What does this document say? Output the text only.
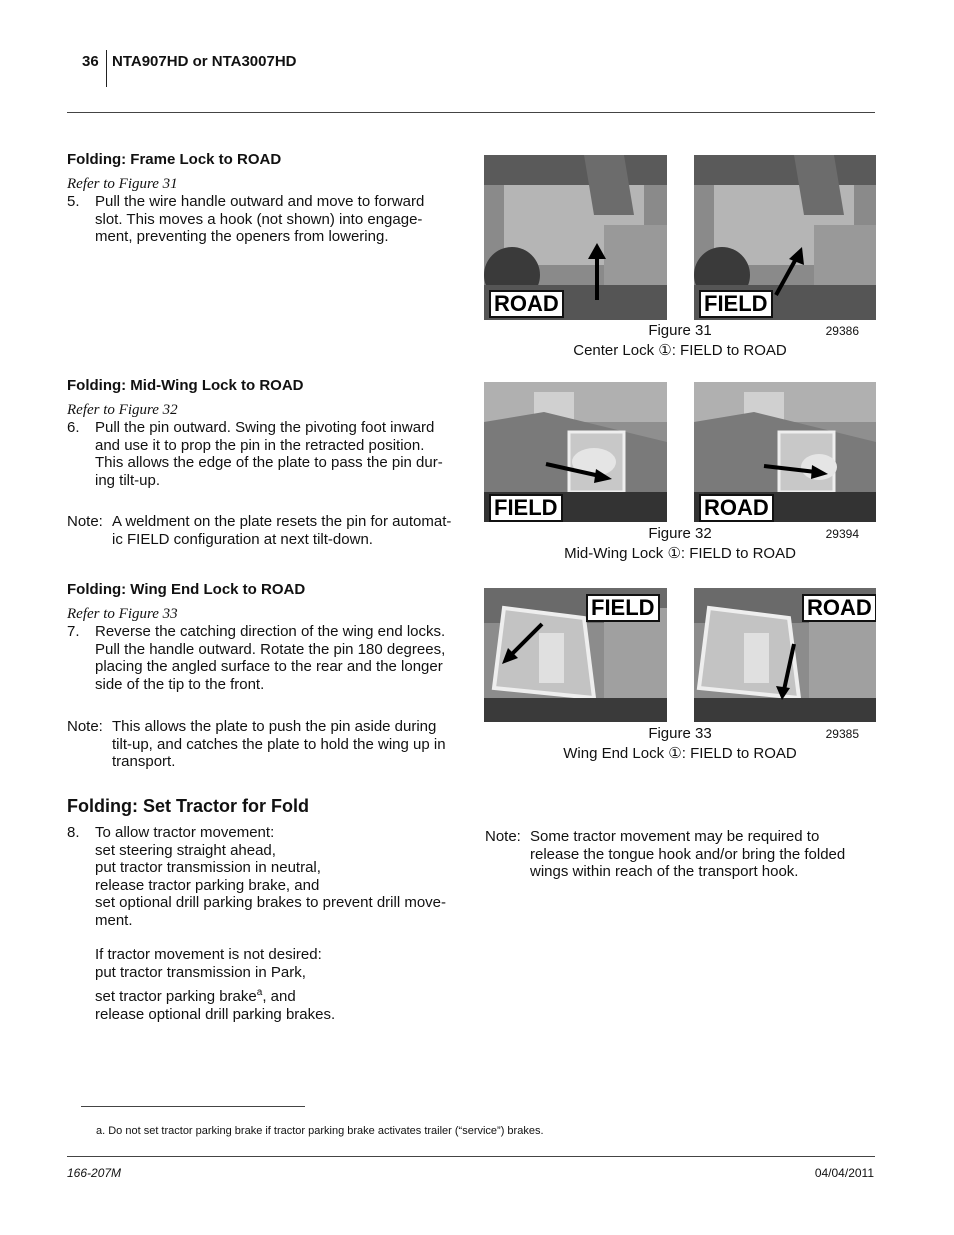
36 NTA907HD or NTA3007HD
Folding: Frame Lock to ROAD
Refer to Figure 31
5. Pull the wire handle outward and move to forward
slot. This moves a hook (not shown) into engage-
ment, preventing the openers from lowering.
Folding: Mid-Wing Lock to ROAD
Refer to Figure 32
6. Pull the pin outward. Swing the pivoting foot inward
and use it to prop the pin in the retracted position.
This allows the edge of the plate to pass the pin dur-
ing tilt-up.
Note: A weldment on the plate resets the pin for automat-
ic FIELD configuration at next tilt-down.
Folding: Wing End Lock to ROAD
Refer to Figure 33
7. Reverse the catching direction of the wing end locks.
Pull the handle outward. Rotate the pin 180 degrees,
placing the angled surface to the rear and the longer
side of the tip to the front.
Note: This allows the plate to push the pin aside during
tilt-up, and catches the plate to hold the wing up in
transport.
Folding: Set Tractor for Fold
8. To allow tractor movement:
set steering straight ahead,
put tractor transmission in neutral,
release tractor parking brake, and
set optional drill parking brakes to prevent drill move-
ment.
If tractor movement is not desired:
put tractor transmission in Park,
set tractor parking brake$^a$, and
release optional drill parking brakes.
ROAD	FIELD
Figure 31	29386
Center Lock ①: FIELD to ROAD
FIELD	ROAD
Figure 32	29394
Mid-Wing Lock ①: FIELD to ROAD
FIELD	ROAD
Figure 33	29385
Wing End Lock ①: FIELD to ROAD
Note: Some tractor movement may be required to
release the tongue hook and/or bring the folded
wings within reach of the transport hook.
a. Do not set tractor parking brake if tractor parking brake activates trailer (“service”) brakes.
166-207M	04/04/2011
